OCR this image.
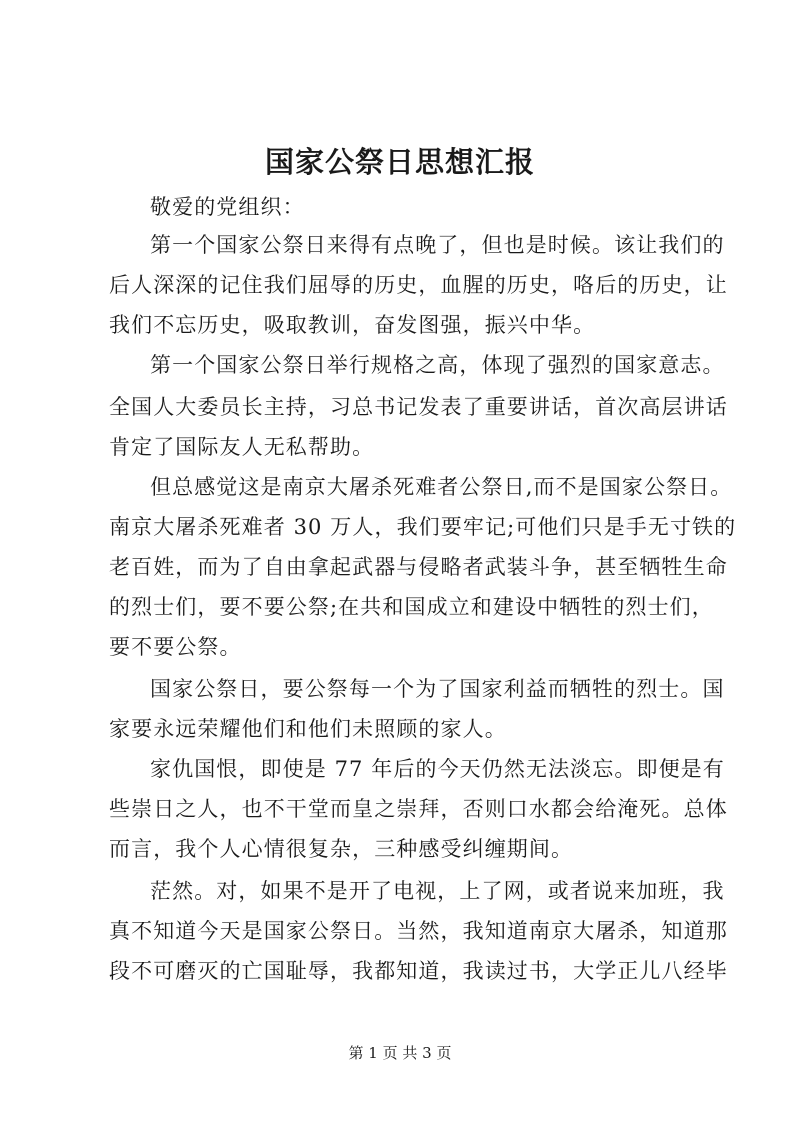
国家公祭日思想汇报
敬爱的党组织：
第一个国家公祭日来得有点晚了，但也是时候。该让我们的
后人深深的记住我们屈辱的历史，血腥的历史，咯后的历史，让
我们不忘历史，吸取教训，奋发图强，振兴中华。
第一个国家公祭日举行规格之高，体现了强烈的国家意志。
全国人大委员长主持，习总书记发表了重要讲话，首次高层讲话
肯定了国际友人无私帮助。
但总感觉这是南京大屠杀死难者公祭日,而不是国家公祭日。
南京大屠杀死难者 30 万人，我们要牢记;可他们只是手无寸铁的
老百姓，而为了自由拿起武器与侵略者武装斗争，甚至牺牲生命
的烈士们，要不要公祭;在共和国成立和建设中牺牲的烈士们，
要不要公祭。
国家公祭日，要公祭每一个为了国家利益而牺牲的烈士。国
家要永远荣耀他们和他们未照顾的家人。
家仇国恨，即使是 77 年后的今天仍然无法淡忘。即便是有
些崇日之人，也不干堂而皇之崇拜，否则口水都会给淹死。总体
而言，我个人心情很复杂，三种感受纠缠期间。
茫然。对，如果不是开了电视，上了网，或者说来加班，我
真不知道今天是国家公祭日。当然，我知道南京大屠杀，知道那
段不可磨灭的亡国耻辱，我都知道，我读过书，大学正儿八经毕
第 1 页 共 3 页
